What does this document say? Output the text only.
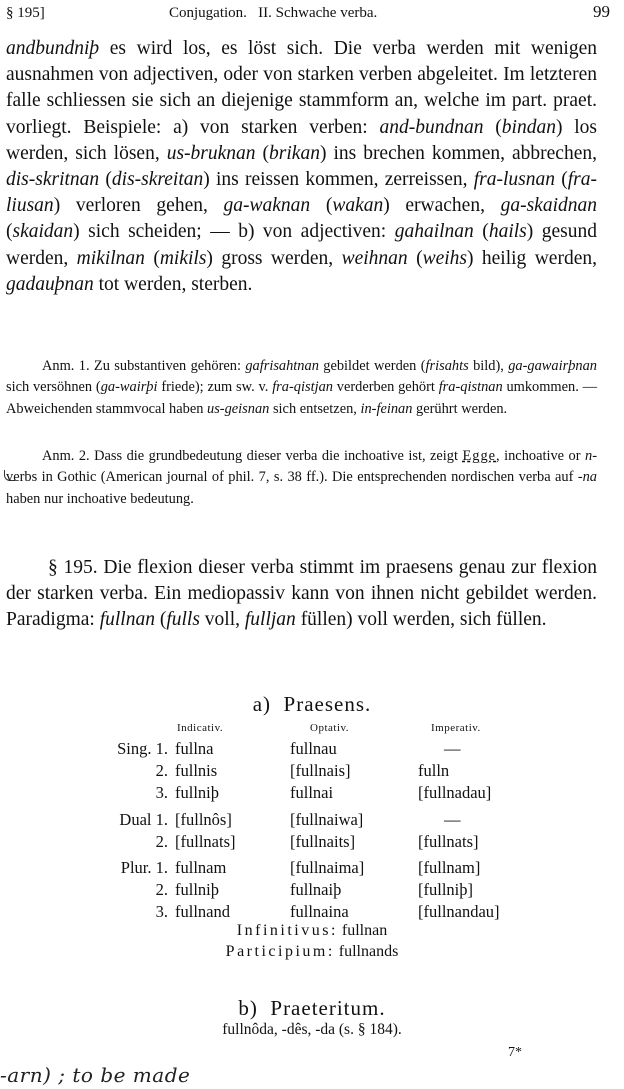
§ 195]	Conjugation.   II. Schwache verba.	99
andbundniþ es wird los, es löst sich. Die verba werden mit wenigen ausnahmen von adjectiven, oder von starken verben abgeleitet. Im letzteren falle schliessen sie sich an diejenige stammform an, welche im part. praet. vorliegt. Beispiele: a) von starken verben: and-bundnan (bindan) los werden, sich lösen, us-bruknan (brikan) ins brechen kommen, abbrechen, dis-skritnan (dis-skreitan) ins reissen kommen, zerreissen, fra-lusnan (fra-liusan) verloren gehen, ga-waknan (wakan) erwachen, ga-skaidnan (skaidan) sich scheiden; — b) von adjectiven: gahailnan (hails) gesund werden, mikilnan (mikils) gross werden, weihnan (weihs) heilig werden, gadauþnan tot werden, sterben.
Anm. 1. Zu substantiven gehören: gafrisahtnan gebildet werden (frisahts bild), ga-gawairþnan sich versöhnen (ga-wairþi friede); zum sw. v. fra-qistjan verderben gehört fra-qistnan umkommen. — Abweichenden stammvocal haben us-geisnan sich entsetzen, in-feinan gerührt werden.
Anm. 2. Dass die grundbedeutung dieser verba die inchoative ist, zeigt Egge, inchoative or n-verbs in Gothic (American journal of phil. 7, s. 38 ff.). Die entsprechenden nordischen verba auf -na haben nur inchoative bedeutung.
§ 195. Die flexion dieser verba stimmt im praesens genau zur flexion der starken verba. Ein mediopassiv kann von ihnen nicht gebildet werden. Paradigma: fullnan (fulls voll, fulljan füllen) voll werden, sich füllen.
a)  Praesens.
Indicativ.	Optativ.	Imperativ.
Sing. 1. fullna	fullnau	—
2. fullnis	[fullnais]	fulln
3. fullniþ	fullnai	[fullnadau]
Dual 1. [fullnôs]	[fullnaiwa]	—
2. [fullnats]	[fullnaits]	[fullnats]
Plur. 1. fullnam	[fullnaima]	[fullnam]
2. fullniþ	fullnaiþ	[fullniþ]
3. fullnand	fullnaina	[fullnandau]
Infinitivus: fullnan
Participium: fullnands
b)  Praeteritum.
fullnôda, -dês, -da (s. § 184).
7*
-arn) ; to be made
